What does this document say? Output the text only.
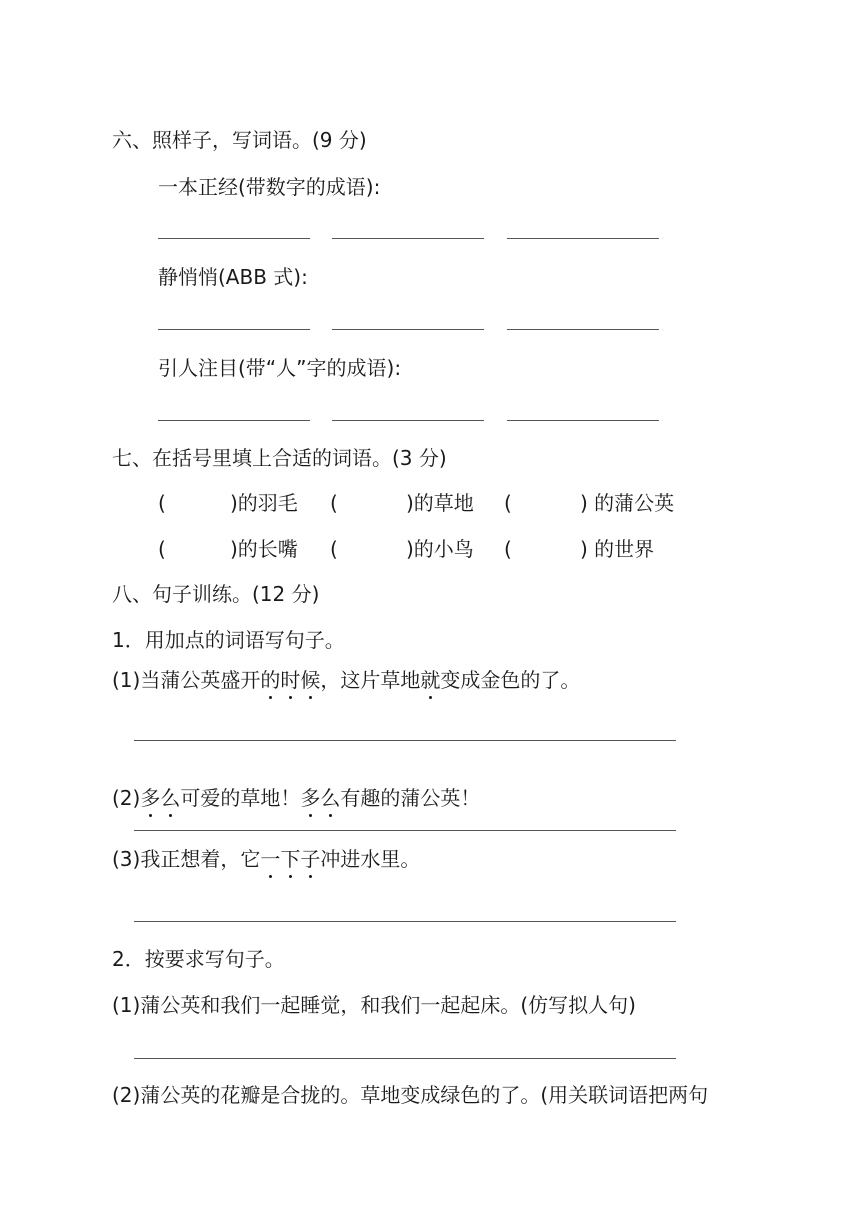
六、照样子，写词语。(9 分)
一本正经(带数字的成语):
静悄悄(ABB 式):
引人注目(带“人”字的成语):
七、在括号里填上合适的词语。(3 分)
(	)的羽毛 (	)的草地 (	) 的蒲公英
(	)的长嘴 (	)的小鸟 (	) 的世界
八、句子训练。(12 分)
1．用加点的词语写句子。
(1)当蒲公英盛开的时候，这片草地就变成金色的了。
(2)多么可爱的草地！多么有趣的蒲公英！
(3)我正想着，它一下子冲进水里。
2．按要求写句子。
(1)蒲公英和我们一起睡觉，和我们一起起床。(仿写拟人句)
(2)蒲公英的花瓣是合拢的。草地变成绿色的了。(用关联词语把两句
